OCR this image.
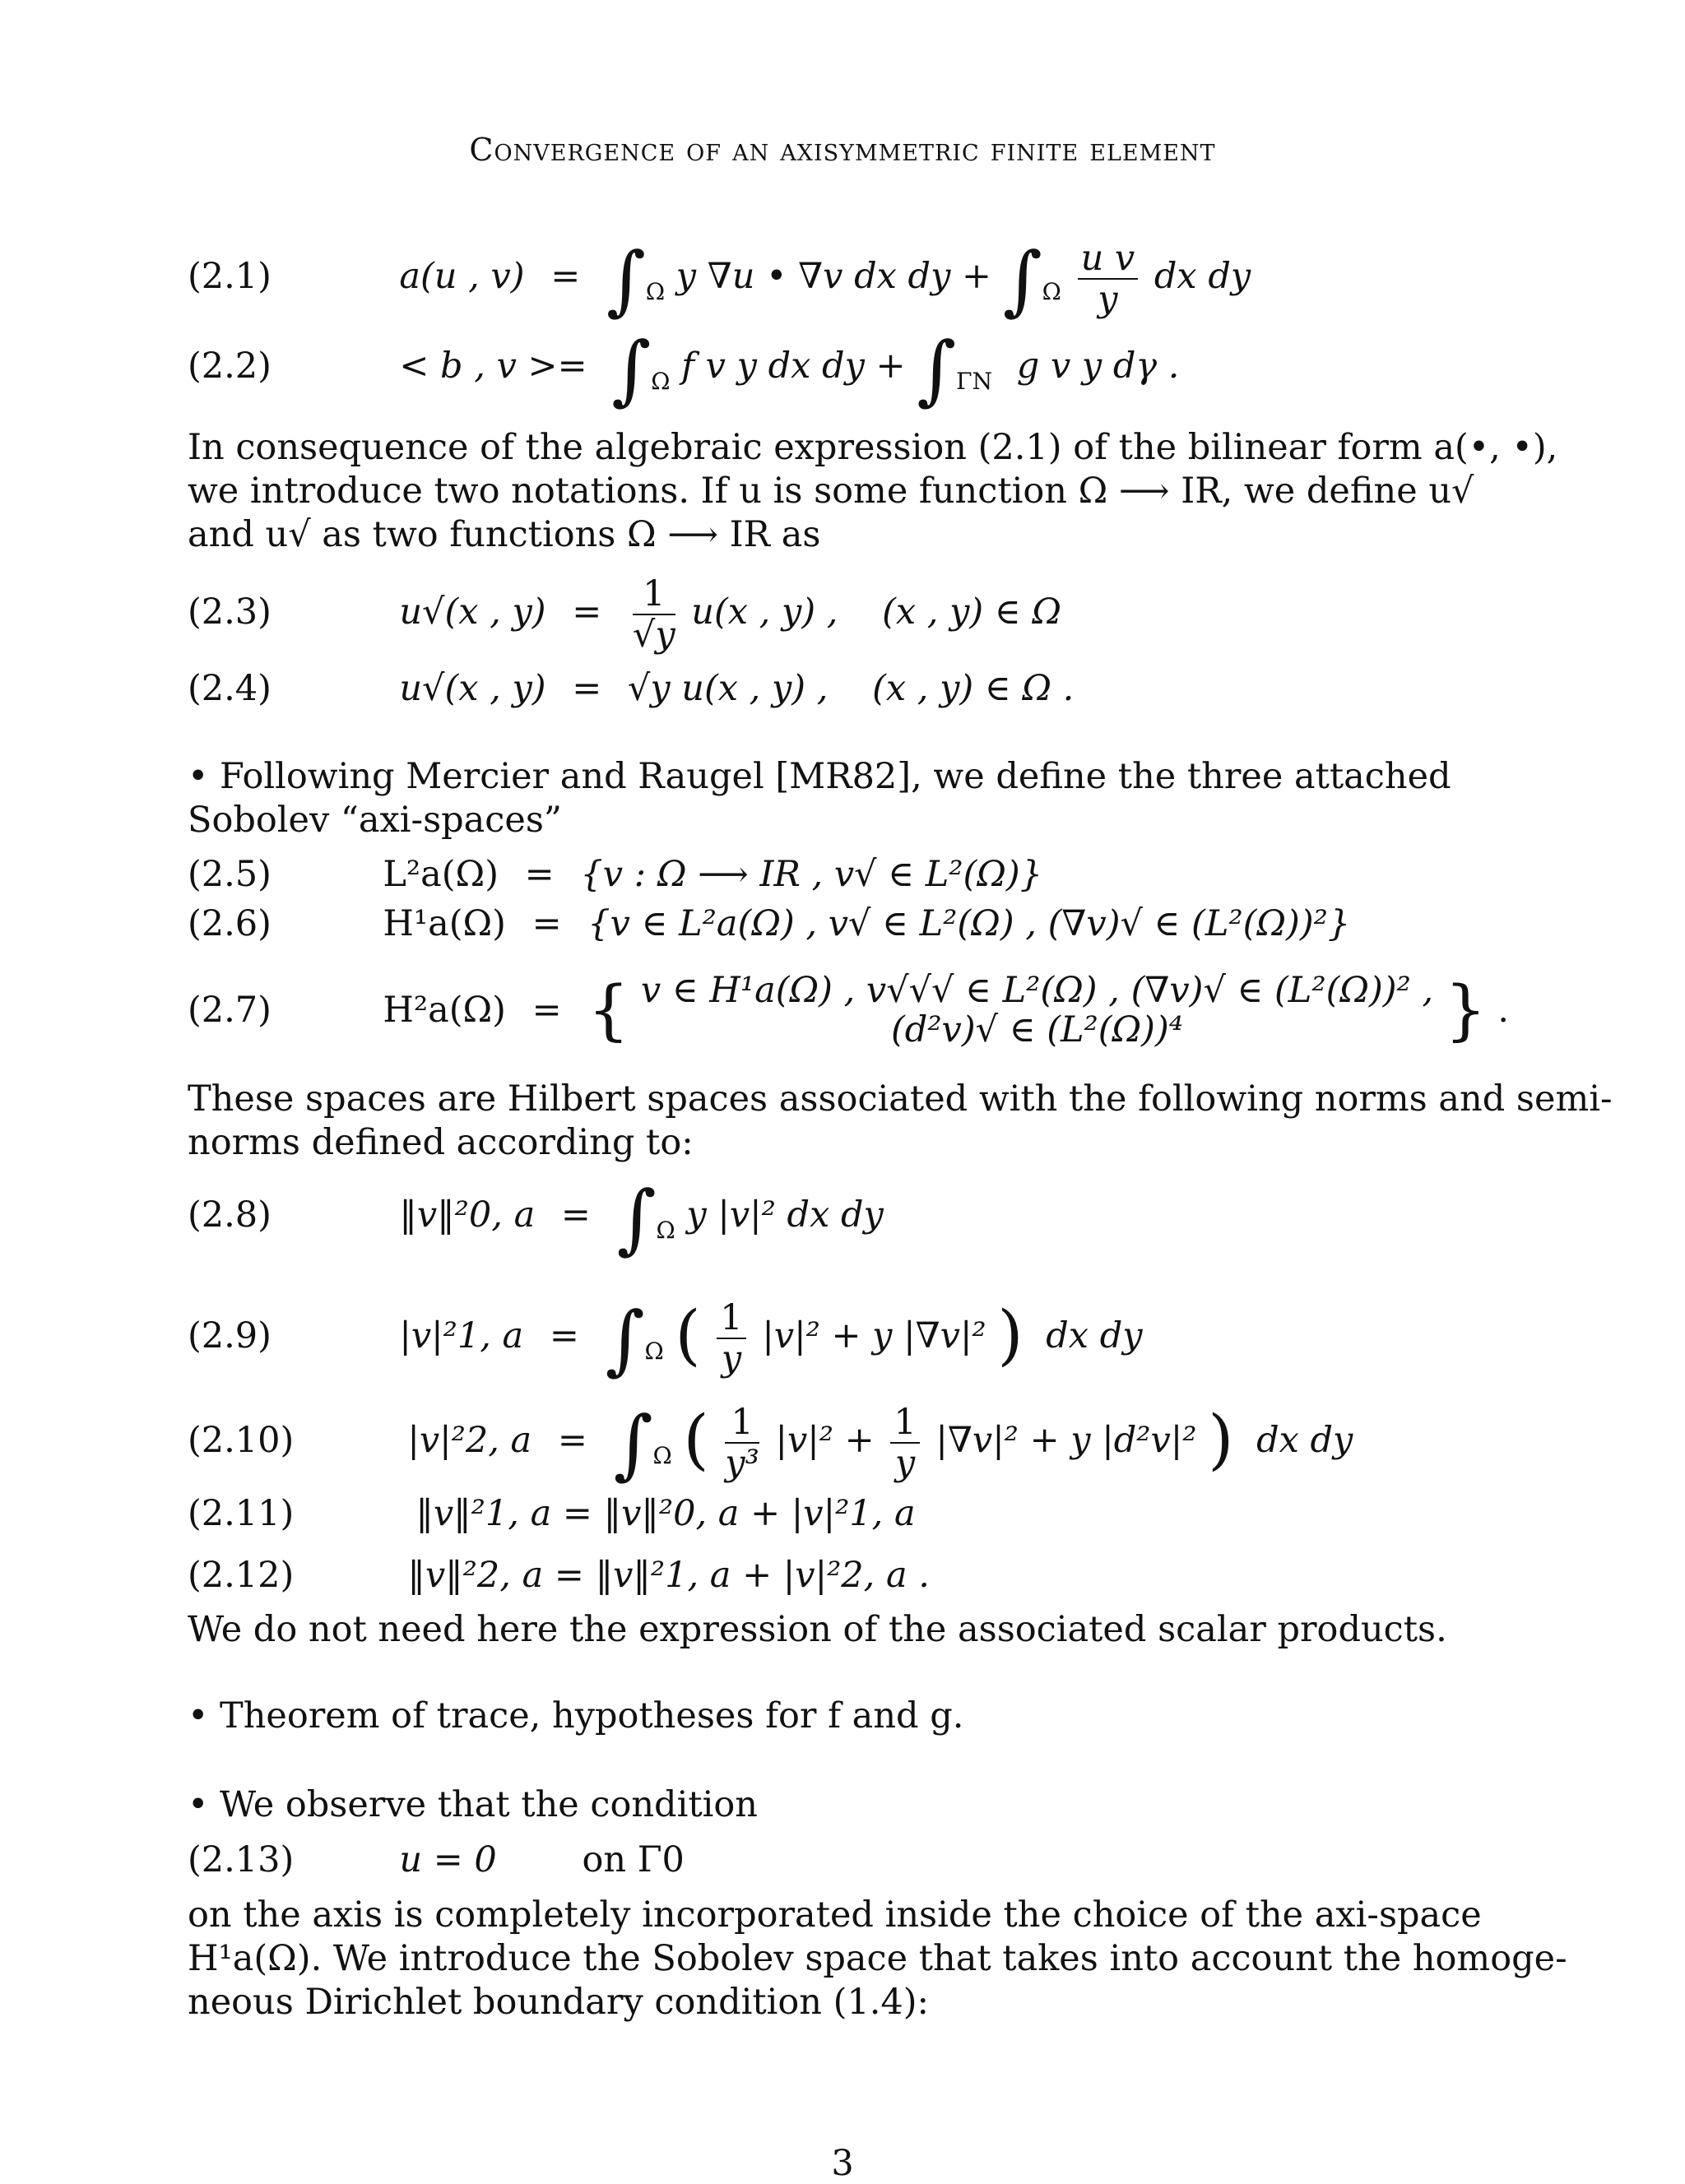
Convergence of an axisymmetric finite element
(2.1)	a(u , $v) = \int_\Omega$ y ∇u • ∇v dx dy + $\int_\Omega \frac{\text{u v}}{y}$ dx dy
(2.2)	< b , $v >= \int_\Omega$ f v y dx dy + $\int_{\Gamma N}$ g v y dγ .
In consequence of the algebraic expression (2.1) of the bilinear form a(•, •),
we introduce two notations. If u is some function Ω ⟶ IR, we define u√
and u√ as two functions Ω ⟶ IR as
(2.3)	u√(x , $y) = \frac{1}{√y} u(x$ , y) , (x , y) ∈ Ω
(2.4)	u√(x , y) = √y u(x , y) , (x , y) ∈ Ω .
• Following Mercier and Raugel [MR82], we define the three attached
Sobolev “axi-spaces”
(2.5)	L²a(Ω) = {v : Ω ⟶ IR , v√ ∈ L²(Ω)}
(2.6)	H¹a(Ω) = {v ∈ L²a(Ω) , v√ ∈ L²(Ω) , (∇v)√ ∈ (L²(Ω))²}
(2.7)	H²a(Ω) = { v ∈ H¹a(Ω) , v√√√ ∈ L²(Ω) , (∇v)√ ∈ (L²(Ω))² ,
(d²v)√ ∈ (L²(Ω))⁴	} .
These spaces are Hilbert spaces associated with the following norms and semi-
norms defined according to:
(2.8)	‖v‖²0, $a = \int_\Omega$ y |v|² dx dy
(2.9)	|v|²1, $a = \int_\Omega$ ( $\frac{1}{y} |v|^2 + y$ |∇v|² ) dx dy
(2.10)	|v|²2, $a = \int_\Omega$ ( $\frac{1}{\text{y³}} |v|^2 + \frac{1}{y} |\nabla v|^2 + y$ |d²v|² ) dx dy
(2.11)	‖v‖²1, a = ‖v‖²0, a + |v|²1, a
(2.12)	‖v‖²2, a = ‖v‖²1, a + |v|²2, a .
We do not need here the expression of the associated scalar products.
• Theorem of trace, hypotheses for f and g.
• We observe that the condition
(2.13)	u = 0 on Γ0
on the axis is completely incorporated inside the choice of the axi-space
H¹a(Ω). We introduce the Sobolev space that takes into account the homoge-
neous Dirichlet boundary condition (1.4):
3
